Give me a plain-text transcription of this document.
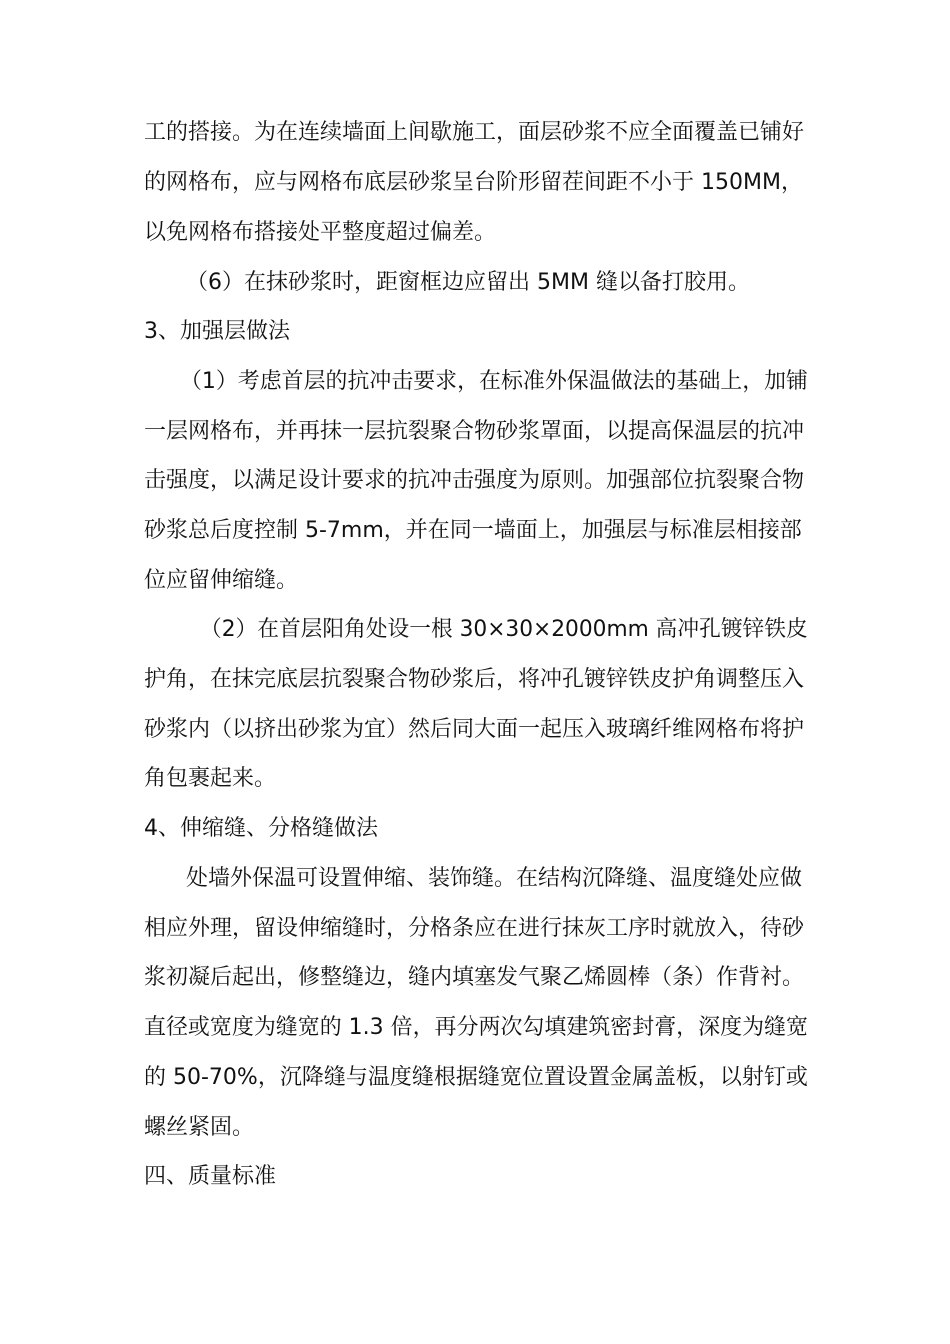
工的搭接。为在连续墙面上间歇施工，面层砂浆不应全面覆盖已铺好
的网格布，应与网格布底层砂浆呈台阶形留茬间距不小于 150MM，
以免网格布搭接处平整度超过偏差。
（6）在抹砂浆时，距窗框边应留出 5MM 缝以备打胶用。
3、加强层做法
（1）考虑首层的抗冲击要求，在标准外保温做法的基础上，加铺
一层网格布，并再抹一层抗裂聚合物砂浆罩面，以提高保温层的抗冲
击强度，以满足设计要求的抗冲击强度为原则。加强部位抗裂聚合物
砂浆总后度控制 5-7mm，并在同一墙面上，加强层与标准层相接部
位应留伸缩缝。
（2）在首层阳角处设一根 30×30×2000mm 高冲孔镀锌铁皮
护角，在抹完底层抗裂聚合物砂浆后，将冲孔镀锌铁皮护角调整压入
砂浆内（以挤出砂浆为宜）然后同大面一起压入玻璃纤维网格布将护
角包裹起来。
4、伸缩缝、分格缝做法
处墙外保温可设置伸缩、装饰缝。在结构沉降缝、温度缝处应做
相应外理，留设伸缩缝时，分格条应在进行抹灰工序时就放入，待砂
浆初凝后起出，修整缝边，缝内填塞发气聚乙烯圆棒（条）作背衬。
直径或宽度为缝宽的 1.3 倍，再分两次勾填建筑密封膏，深度为缝宽
的 50-70%，沉降缝与温度缝根据缝宽位置设置金属盖板，以射钉或
螺丝紧固。
四、质量标准
